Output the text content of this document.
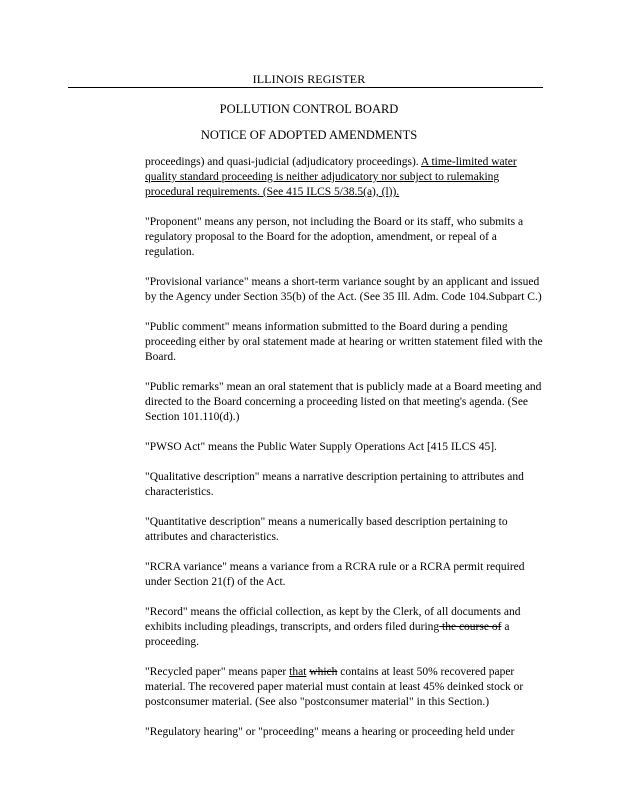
ILLINOIS REGISTER
POLLUTION CONTROL BOARD
NOTICE OF ADOPTED AMENDMENTS

proceedings) and quasi-judicial (adjudicatory proceedings). A time-limited water quality standard proceeding is neither adjudicatory nor subject to rulemaking procedural requirements. (See 415 ILCS 5/38.5(a), (l)).

"Proponent" means any person, not including the Board or its staff, who submits a regulatory proposal to the Board for the adoption, amendment, or repeal of a regulation.

"Provisional variance" means a short-term variance sought by an applicant and issued by the Agency under Section 35(b) of the Act. (See 35 Ill. Adm. Code 104.Subpart C.)

"Public comment" means information submitted to the Board during a pending proceeding either by oral statement made at hearing or written statement filed with the Board.

"Public remarks" mean an oral statement that is publicly made at a Board meeting and directed to the Board concerning a proceeding listed on that meeting's agenda. (See Section 101.110(d).)

"PWSO Act" means the Public Water Supply Operations Act [415 ILCS 45].

"Qualitative description" means a narrative description pertaining to attributes and characteristics.

"Quantitative description" means a numerically based description pertaining to attributes and characteristics.

"RCRA variance" means a variance from a RCRA rule or a RCRA permit required under Section 21(f) of the Act.

"Record" means the official collection, as kept by the Clerk, of all documents and exhibits including pleadings, transcripts, and orders filed during the course of a proceeding.

"Recycled paper" means paper that which contains at least 50% recovered paper material. The recovered paper material must contain at least 45% deinked stock or postconsumer material. (See also "postconsumer material" in this Section.)

"Regulatory hearing" or "proceeding" means a hearing or proceeding held under
